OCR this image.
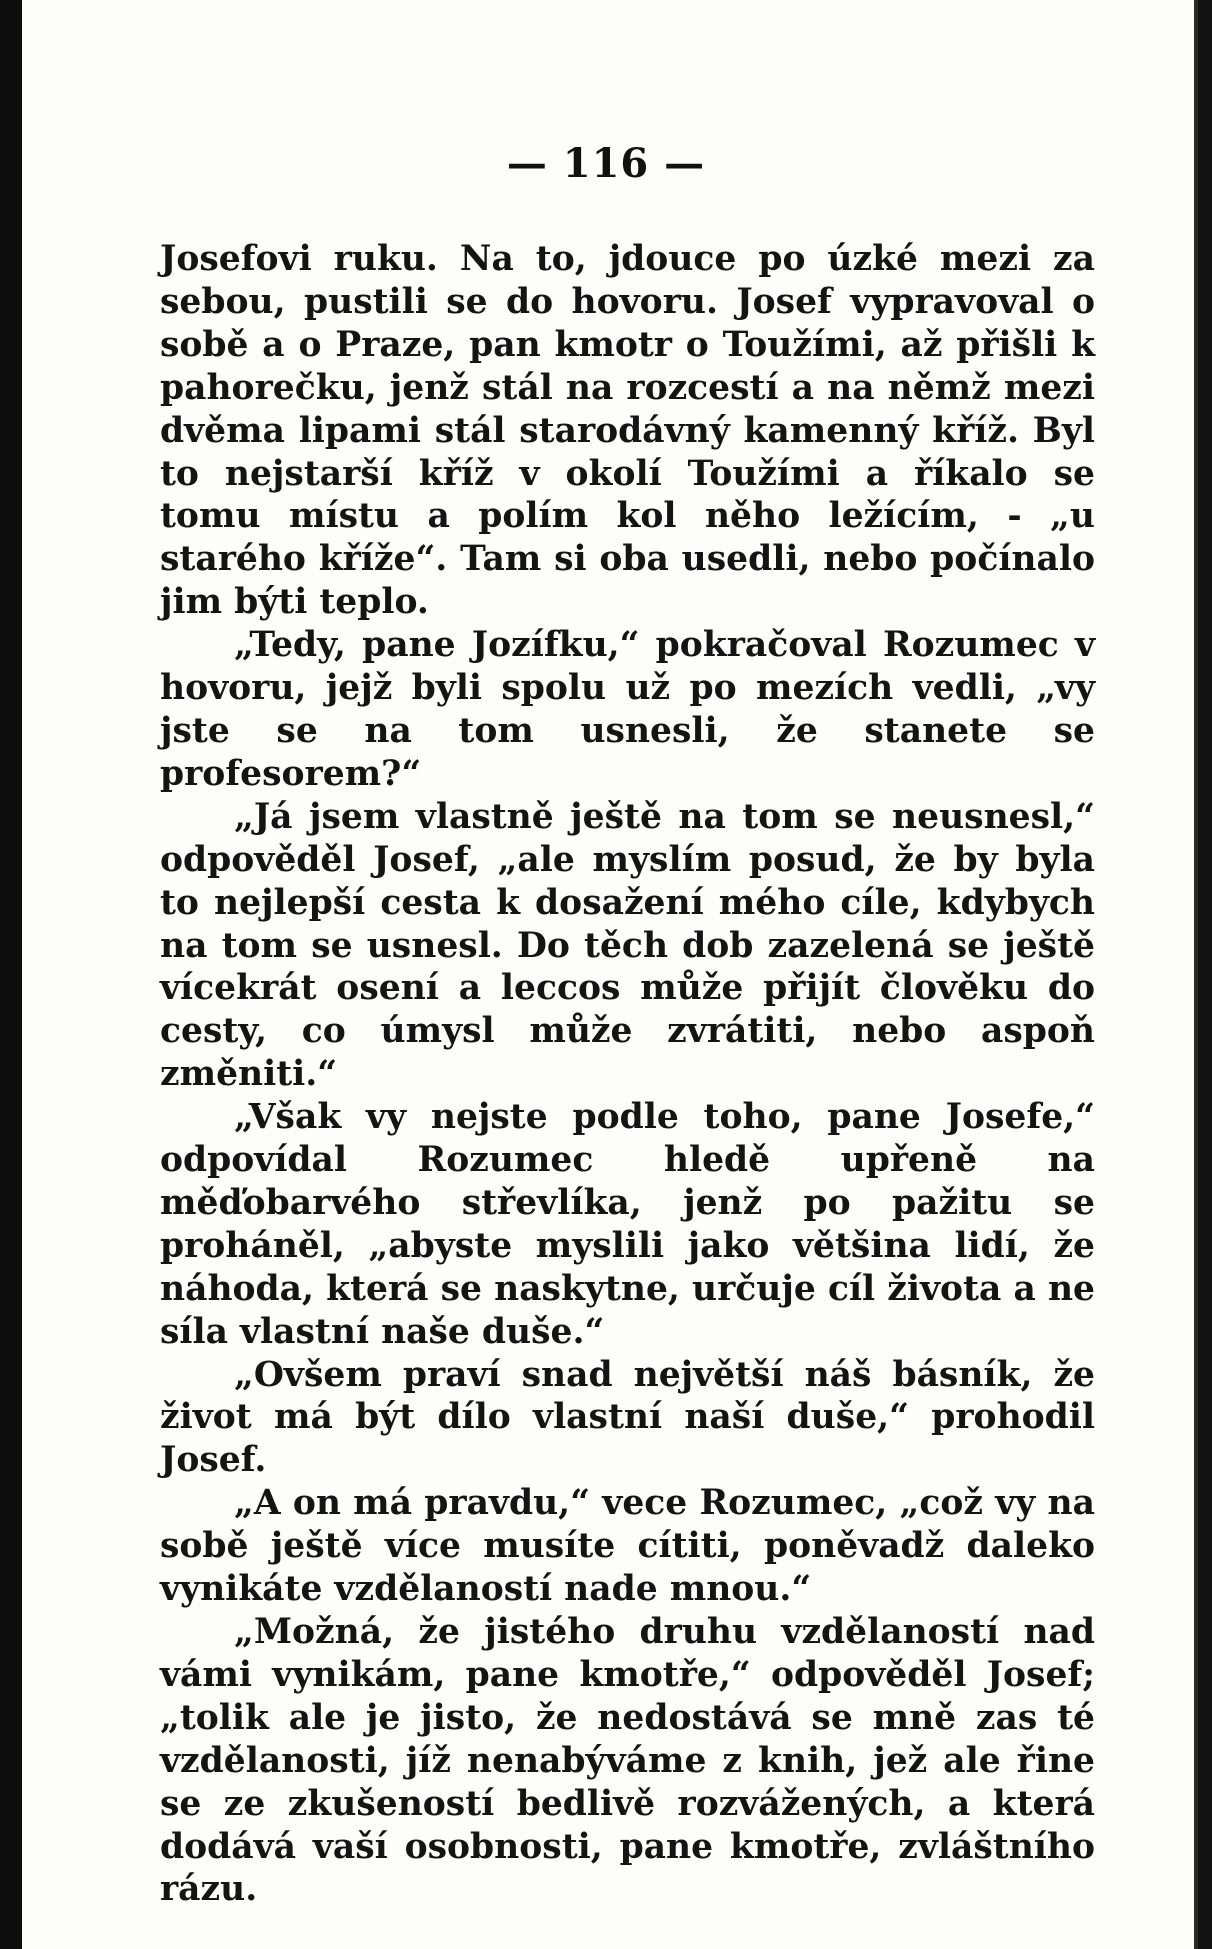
— 116 —

Josefovi ruku. Na to, jdouce po úzké mezi za sebou, pustili se do hovoru. Josef vypravoval o sobě a o Praze, pan kmotr o Toužími, až přišli k pahorečku, jenž stál na rozcestí a na němž mezi dvěma lipami stál starodávný kamenný kříž. Byl to nejstarší kříž v okolí Toužími a říkalo se tomu místu a polím kol něho ležícím, - „u starého kříže“. Tam si oba usedli, nebo počínalo jim býti teplo.

„Tedy, pane Jozífku,“ pokračoval Rozumec v hovoru, jejž byli spolu už po mezích vedli, „vy jste se na tom usnesli, že stanete se profesorem?“

„Já jsem vlastně ještě na tom se neusnesl,“ odpověděl Josef, „ale myslím posud, že by byla to nejlepší cesta k dosažení mého cíle, kdybych na tom se usnesl. Do těch dob zazelená se ještě vícekrát osení a leccos může přijít člověku do cesty, co úmysl může zvrátiti, nebo aspoň změniti.“

„Však vy nejste podle toho, pane Josefe,“ odpovídal Rozumec hledě upřeně na měďobarvého střevlíka, jenž po pažitu se proháněl, „abyste myslili jako většina lidí, že náhoda, která se naskytne, určuje cíl života a ne síla vlastní naše duše.“

„Ovšem praví snad největší náš básník, že život má být dílo vlastní naší duše,“ prohodil Josef.

„A on má pravdu,“ vece Rozumec, „což vy na sobě ještě více musíte cítiti, poněvadž daleko vynikáte vzdělaností nade mnou.“

„Možná, že jistého druhu vzdělaností nad vámi vynikám, pane kmotře,“ odpověděl Josef; „tolik ale je jisto, že nedostává se mně zas té vzdělanosti, jíž nenabýváme z knih, jež ale řine se ze zkušeností bedlivě rozvážených, a která dodává vaší osobnosti, pane kmotře, zvláštního rázu.
